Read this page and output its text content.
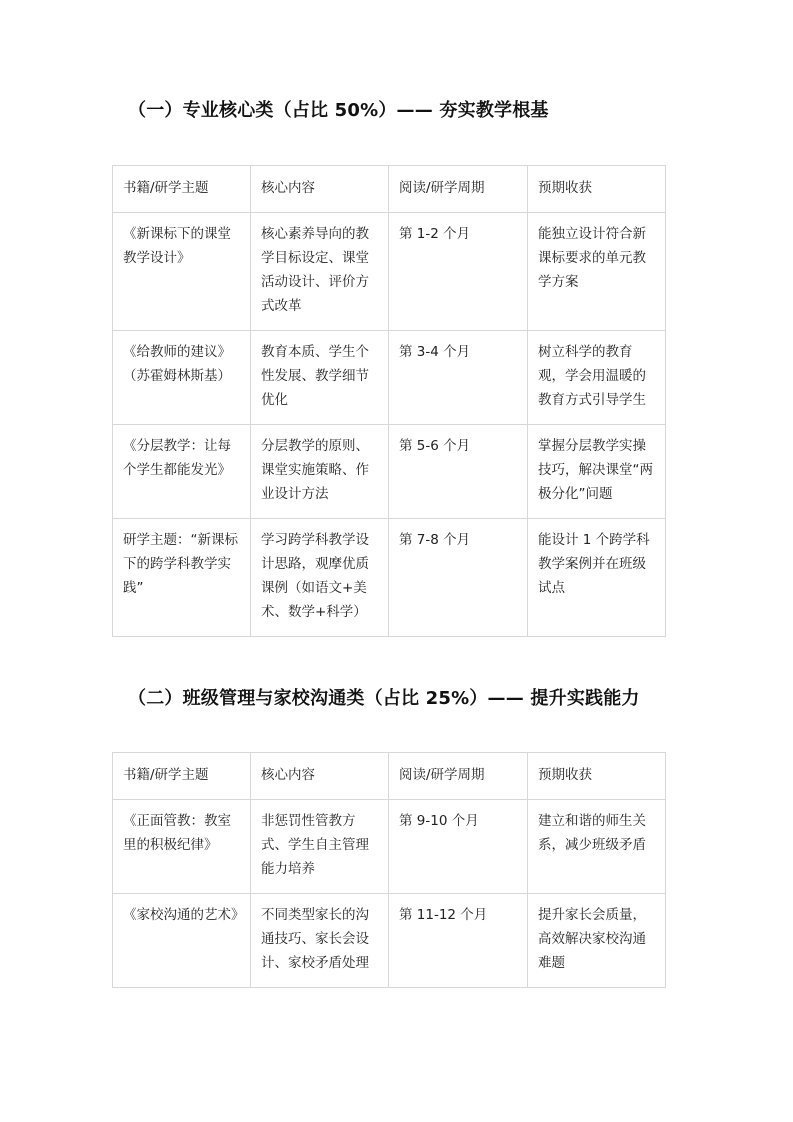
（一）专业核心类（占比 50%）—— 夯实教学根基
书籍/研学主题	核心内容	阅读/研学周期	预期收获
《新课标下的课堂教学设计》	核心素养导向的教学目标设定、课堂活动设计、评价方式改革	第 1-2 个月	能独立设计符合新课标要求的单元教学方案
《给教师的建议》（苏霍姆林斯基）	教育本质、学生个性发展、教学细节优化	第 3-4 个月	树立科学的教育观，学会用温暖的教育方式引导学生
《分层教学：让每个学生都能发光》	分层教学的原则、课堂实施策略、作业设计方法	第 5-6 个月	掌握分层教学实操技巧，解决课堂“两极分化”问题
研学主题：“新课标下的跨学科教学实践”	学习跨学科教学设计思路，观摩优质课例（如语文+美术、数学+科学）	第 7-8 个月	能设计 1 个跨学科教学案例并在班级试点
（二）班级管理与家校沟通类（占比 25%）—— 提升实践能力
书籍/研学主题	核心内容	阅读/研学周期	预期收获
《正面管教：教室里的积极纪律》	非惩罚性管教方式、学生自主管理能力培养	第 9-10 个月	建立和谐的师生关系，减少班级矛盾
《家校沟通的艺术》	不同类型家长的沟通技巧、家长会设计、家校矛盾处理	第 11-12 个月	提升家长会质量，高效解决家校沟通难题
